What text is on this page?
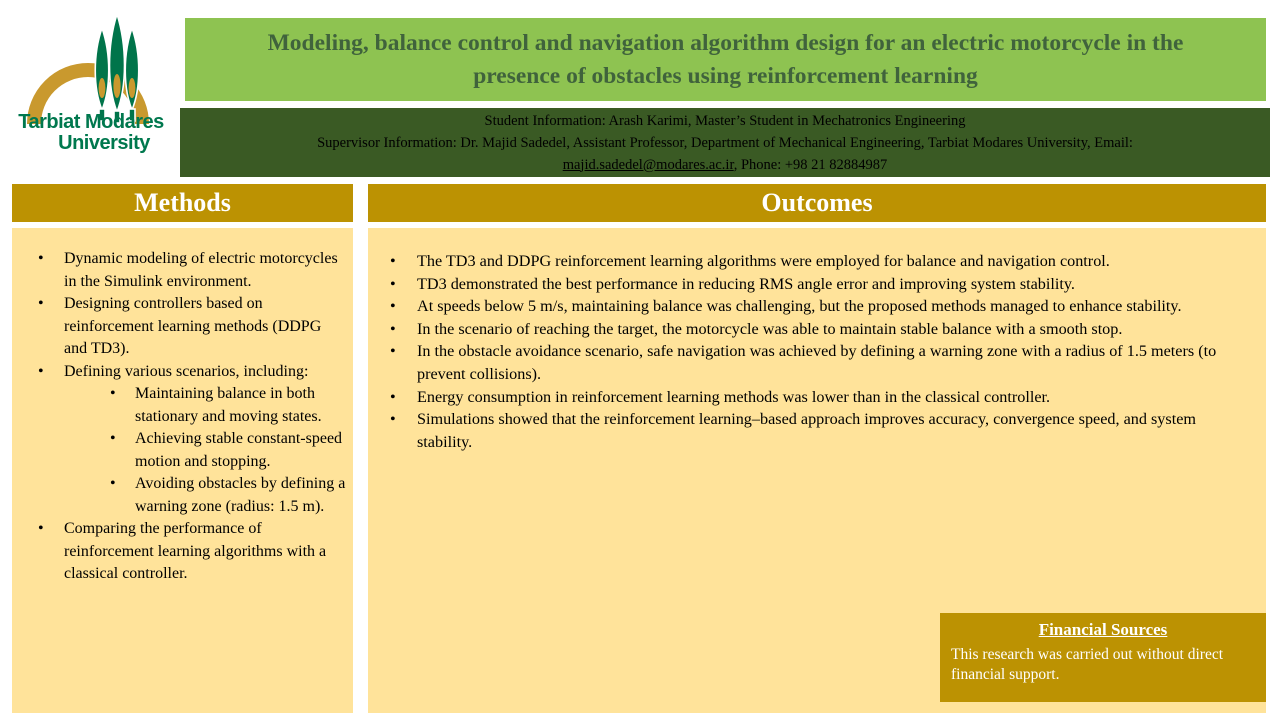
Tarbiat Modares
University
Modeling, balance control and navigation algorithm design for an electric motorcycle in the presence of obstacles using reinforcement learning
Student Information: Arash Karimi, Master’s Student in Mechatronics Engineering
Supervisor Information: Dr. Majid Sadedel, Assistant Professor, Department of Mechanical Engineering, Tarbiat Modares University, Email:
majid.sadedel@modares.ac.ir, Phone: +98 21 82884987
Methods
• Dynamic modeling of electric motorcycles in the Simulink environment.
• Designing controllers based on reinforcement learning methods (DDPG and TD3).
• Defining various scenarios, including:
• Maintaining balance in both stationary and moving states.
• Achieving stable constant-speed motion and stopping.
• Avoiding obstacles by defining a warning zone (radius: 1.5 m).
• Comparing the performance of reinforcement learning algorithms with a classical controller.
Outcomes
• The TD3 and DDPG reinforcement learning algorithms were employed for balance and navigation control.
• TD3 demonstrated the best performance in reducing RMS angle error and improving system stability.
• At speeds below 5 m/s, maintaining balance was challenging, but the proposed methods managed to enhance stability.
• In the scenario of reaching the target, the motorcycle was able to maintain stable balance with a smooth stop.
• In the obstacle avoidance scenario, safe navigation was achieved by defining a warning zone with a radius of 1.5 meters (to prevent collisions).
• Energy consumption in reinforcement learning methods was lower than in the classical controller.
• Simulations showed that the reinforcement learning–based approach improves accuracy, convergence speed, and system stability.
Financial Sources
This research was carried out without direct financial support.
